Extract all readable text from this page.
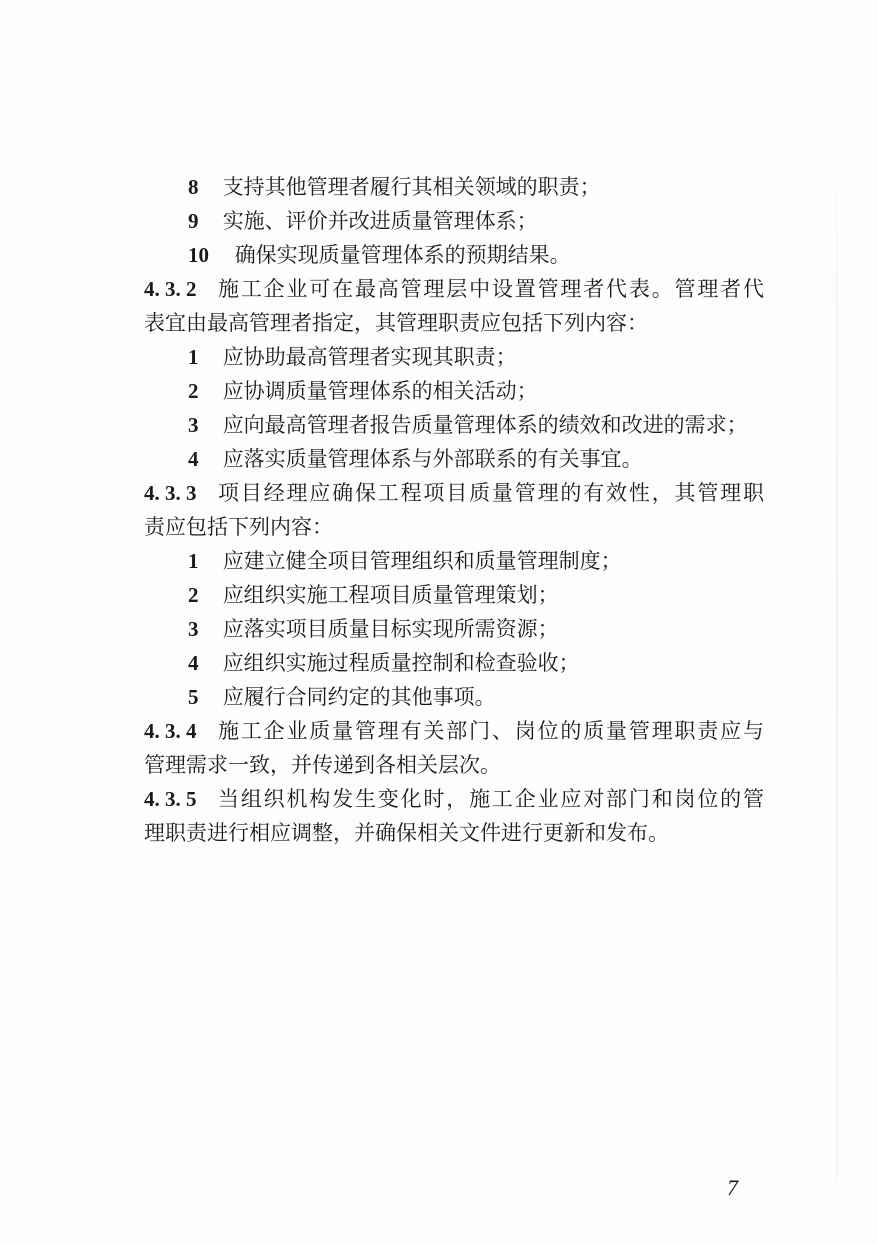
8 支持其他管理者履行其相关领域的职责；
9 实施、评价并改进质量管理体系；
10 确保实现质量管理体系的预期结果。
4. 3. 2	施工企业可在最高管理层中设置管理者代表。管理者代
表宜由最高管理者指定，其管理职责应包括下列内容：
1 应协助最高管理者实现其职责；
2 应协调质量管理体系的相关活动；
3 应向最高管理者报告质量管理体系的绩效和改进的需求；
4 应落实质量管理体系与外部联系的有关事宜。
4. 3. 3	项目经理应确保工程项目质量管理的有效性，其管理职
责应包括下列内容：
1 应建立健全项目管理组织和质量管理制度；
2 应组织实施工程项目质量管理策划；
3 应落实项目质量目标实现所需资源；
4 应组织实施过程质量控制和检查验收；
5 应履行合同约定的其他事项。
4. 3. 4	施工企业质量管理有关部门、岗位的质量管理职责应与
管理需求一致，并传递到各相关层次。
4. 3. 5	当组织机构发生变化时，施工企业应对部门和岗位的管
理职责进行相应调整，并确保相关文件进行更新和发布。
7
